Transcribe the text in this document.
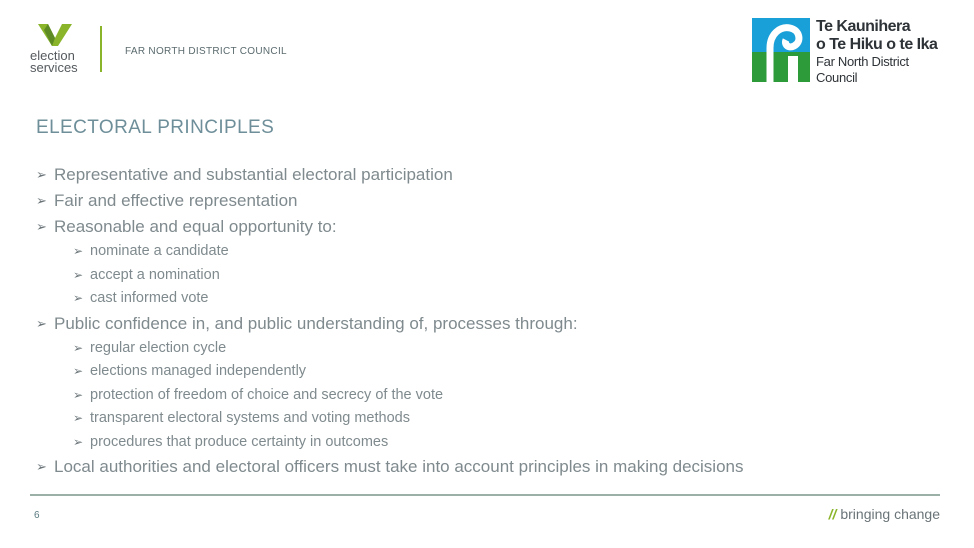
election
services
FAR NORTH DISTRICT COUNCIL
Te Kaunihera
o Te Hiku o te Ika
Far North District Council
ELECTORAL PRINCIPLES
➢ Representative and substantial electoral participation
➢ Fair and effective representation
➢ Reasonable and equal opportunity to:
➢ nominate a candidate
➢ accept a nomination
➢ cast informed vote
➢ Public confidence in, and public understanding of, processes through:
➢ regular election cycle
➢ elections managed independently
➢ protection of freedom of choice and secrecy of the vote
➢ transparent electoral systems and voting methods
➢ procedures that produce certainty in outcomes
➢ Local authorities and electoral officers must take into account principles in making decisions
6	// bringing change
